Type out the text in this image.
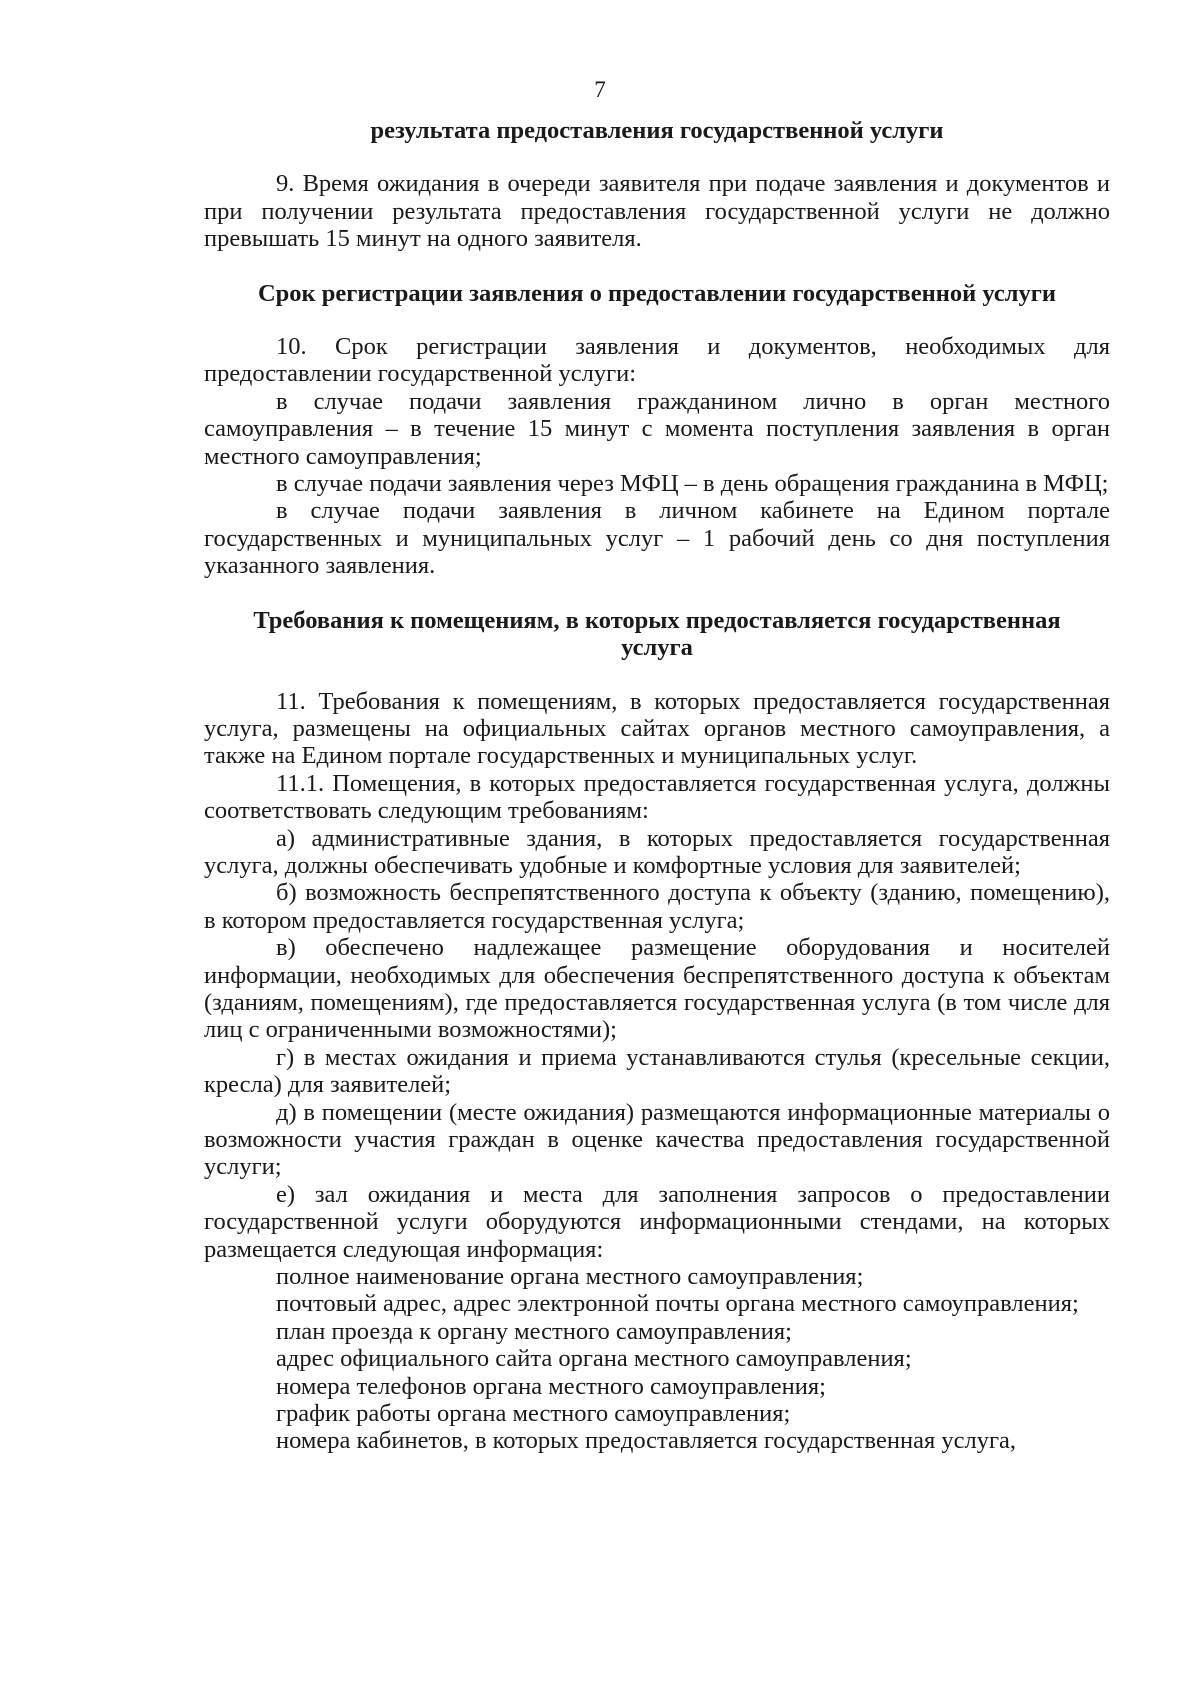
7

результата предоставления государственной услуги

9. Время ожидания в очереди заявителя при подаче заявления и документов и при получении результата предоставления государственной услуги не должно превышать 15 минут на одного заявителя.

Срок регистрации заявления о предоставлении государственной услуги

10. Срок регистрации заявления и документов, необходимых для предоставлении государственной услуги:

в случае подачи заявления гражданином лично в орган местного самоуправления – в течение 15 минут с момента поступления заявления в орган местного самоуправления;

в случае подачи заявления через МФЦ – в день обращения гражданина в МФЦ;

в случае подачи заявления в личном кабинете на Едином портале государственных и муниципальных услуг – 1 рабочий день со дня поступления указанного заявления.

Требования к помещениям, в которых предоставляется государственная услуга

11. Требования к помещениям, в которых предоставляется государственная услуга, размещены на официальных сайтах органов местного самоуправления, а также на Едином портале государственных и муниципальных услуг.

11.1. Помещения, в которых предоставляется государственная услуга, должны соответствовать следующим требованиям:

а) административные здания, в которых предоставляется государственная услуга, должны обеспечивать удобные и комфортные условия для заявителей;

б) возможность беспрепятственного доступа к объекту (зданию, помещению), в котором предоставляется государственная услуга;

в) обеспечено надлежащее размещение оборудования и носителей информации, необходимых для обеспечения беспрепятственного доступа к объектам (зданиям, помещениям), где предоставляется государственная услуга (в том числе для лиц с ограниченными возможностями);

г) в местах ожидания и приема устанавливаются стулья (кресельные секции, кресла) для заявителей;

д) в помещении (месте ожидания) размещаются информационные материалы о возможности участия граждан в оценке качества предоставления государственной услуги;

е) зал ожидания и места для заполнения запросов о предоставлении государственной услуги оборудуются информационными стендами, на которых размещается следующая информация:

полное наименование органа местного самоуправления;

почтовый адрес, адрес электронной почты органа местного самоуправления;

план проезда к органу местного самоуправления;

адрес официального сайта органа местного самоуправления;

номера телефонов органа местного самоуправления;

график работы органа местного самоуправления;

номера кабинетов, в которых предоставляется государственная услуга,
